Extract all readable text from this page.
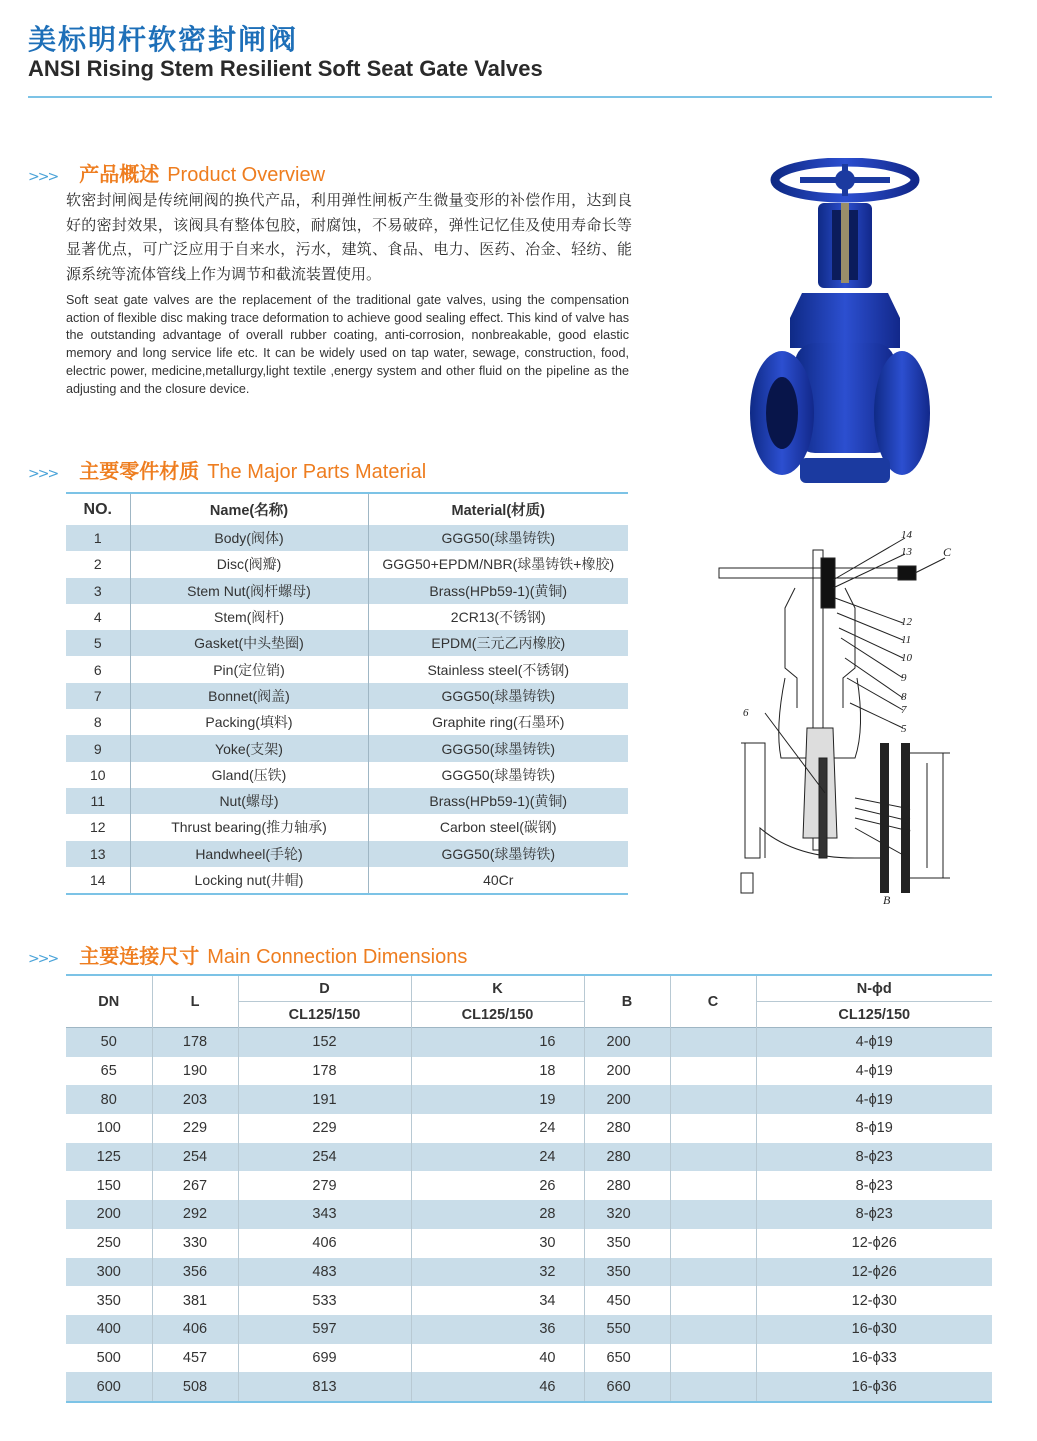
美标明杆软密封闸阀
ANSI Rising Stem Resilient Soft Seat Gate Valves
>>> 产品概述 Product Overview
软密封闸阀是传统闸阀的换代产品，利用弹性闸板产生微量变形的补偿作用，达到良好的密封效果，该阀具有整体包胶，耐腐蚀，不易破碎，弹性记忆佳及使用寿命长等显著优点，可广泛应用于自来水，污水，建筑、食品、电力、医药、冶金、轻纺、能源系统等流体管线上作为调节和截流装置使用。
Soft seat gate valves are the replacement of the traditional gate valves, using the compensation action of flexible disc making trace deformation to achieve good sealing effect. This kind of valve has the outstanding advantage of overall rubber coating, anti-corrosion, nonbreakable, good elastic memory and long service life etc. It can be widely used on tap water, sewage, construction, food, electric power, medicine,metallurgy,light textile ,energy system and other fluid on the pipeline as the adjusting and the closure device.
>>> 主要零件材质 The Major Parts Material
NO.	Name(名称)	Material(材质)
1	Body(阀体)	GGG50(球墨铸铁)
2	Disc(阀瓣)	GGG50+EPDM/NBR(球墨铸铁+橡胶)
3	Stem Nut(阀杆螺母)	Brass(HPb59-1)(黄铜)
4	Stem(阀杆)	2CR13(不锈钢)
5	Gasket(中头垫圈)	EPDM(三元乙丙橡胶)
6	Pin(定位销)	Stainless steel(不锈钢)
7	Bonnet(阀盖)	GGG50(球墨铸铁)
8	Packing(填料)	Graphite ring(石墨环)
9	Yoke(支架)	GGG50(球墨铸铁)
10	Gland(压铁)	GGG50(球墨铸铁)
11	Nut(螺母)	Brass(HPb59-1)(黄铜)
12	Thrust bearing(推力轴承)	Carbon steel(碳钢)
13	Handwheel(手轮)	GGG50(球墨铸铁)
14	Locking nut(井帽)	40Cr
14
13
12
11
10
9
8
7
5
6
4
3
2
1
C
B
>>> 主要连接尺寸 Main Connection Dimensions
DN	L	D	K	B	C	N-ϕd
		CL125/150	CL125/150			CL125/150
50	178	152	16	200		4-ϕ19
65	190	178	18	200		4-ϕ19
80	203	191	19	200		4-ϕ19
100	229	229	24	280		8-ϕ19
125	254	254	24	280		8-ϕ23
150	267	279	26	280		8-ϕ23
200	292	343	28	320		8-ϕ23
250	330	406	30	350		12-ϕ26
300	356	483	32	350		12-ϕ26
350	381	533	34	450		12-ϕ30
400	406	597	36	550		16-ϕ30
500	457	699	40	650		16-ϕ33
600	508	813	46	660		16-ϕ36
